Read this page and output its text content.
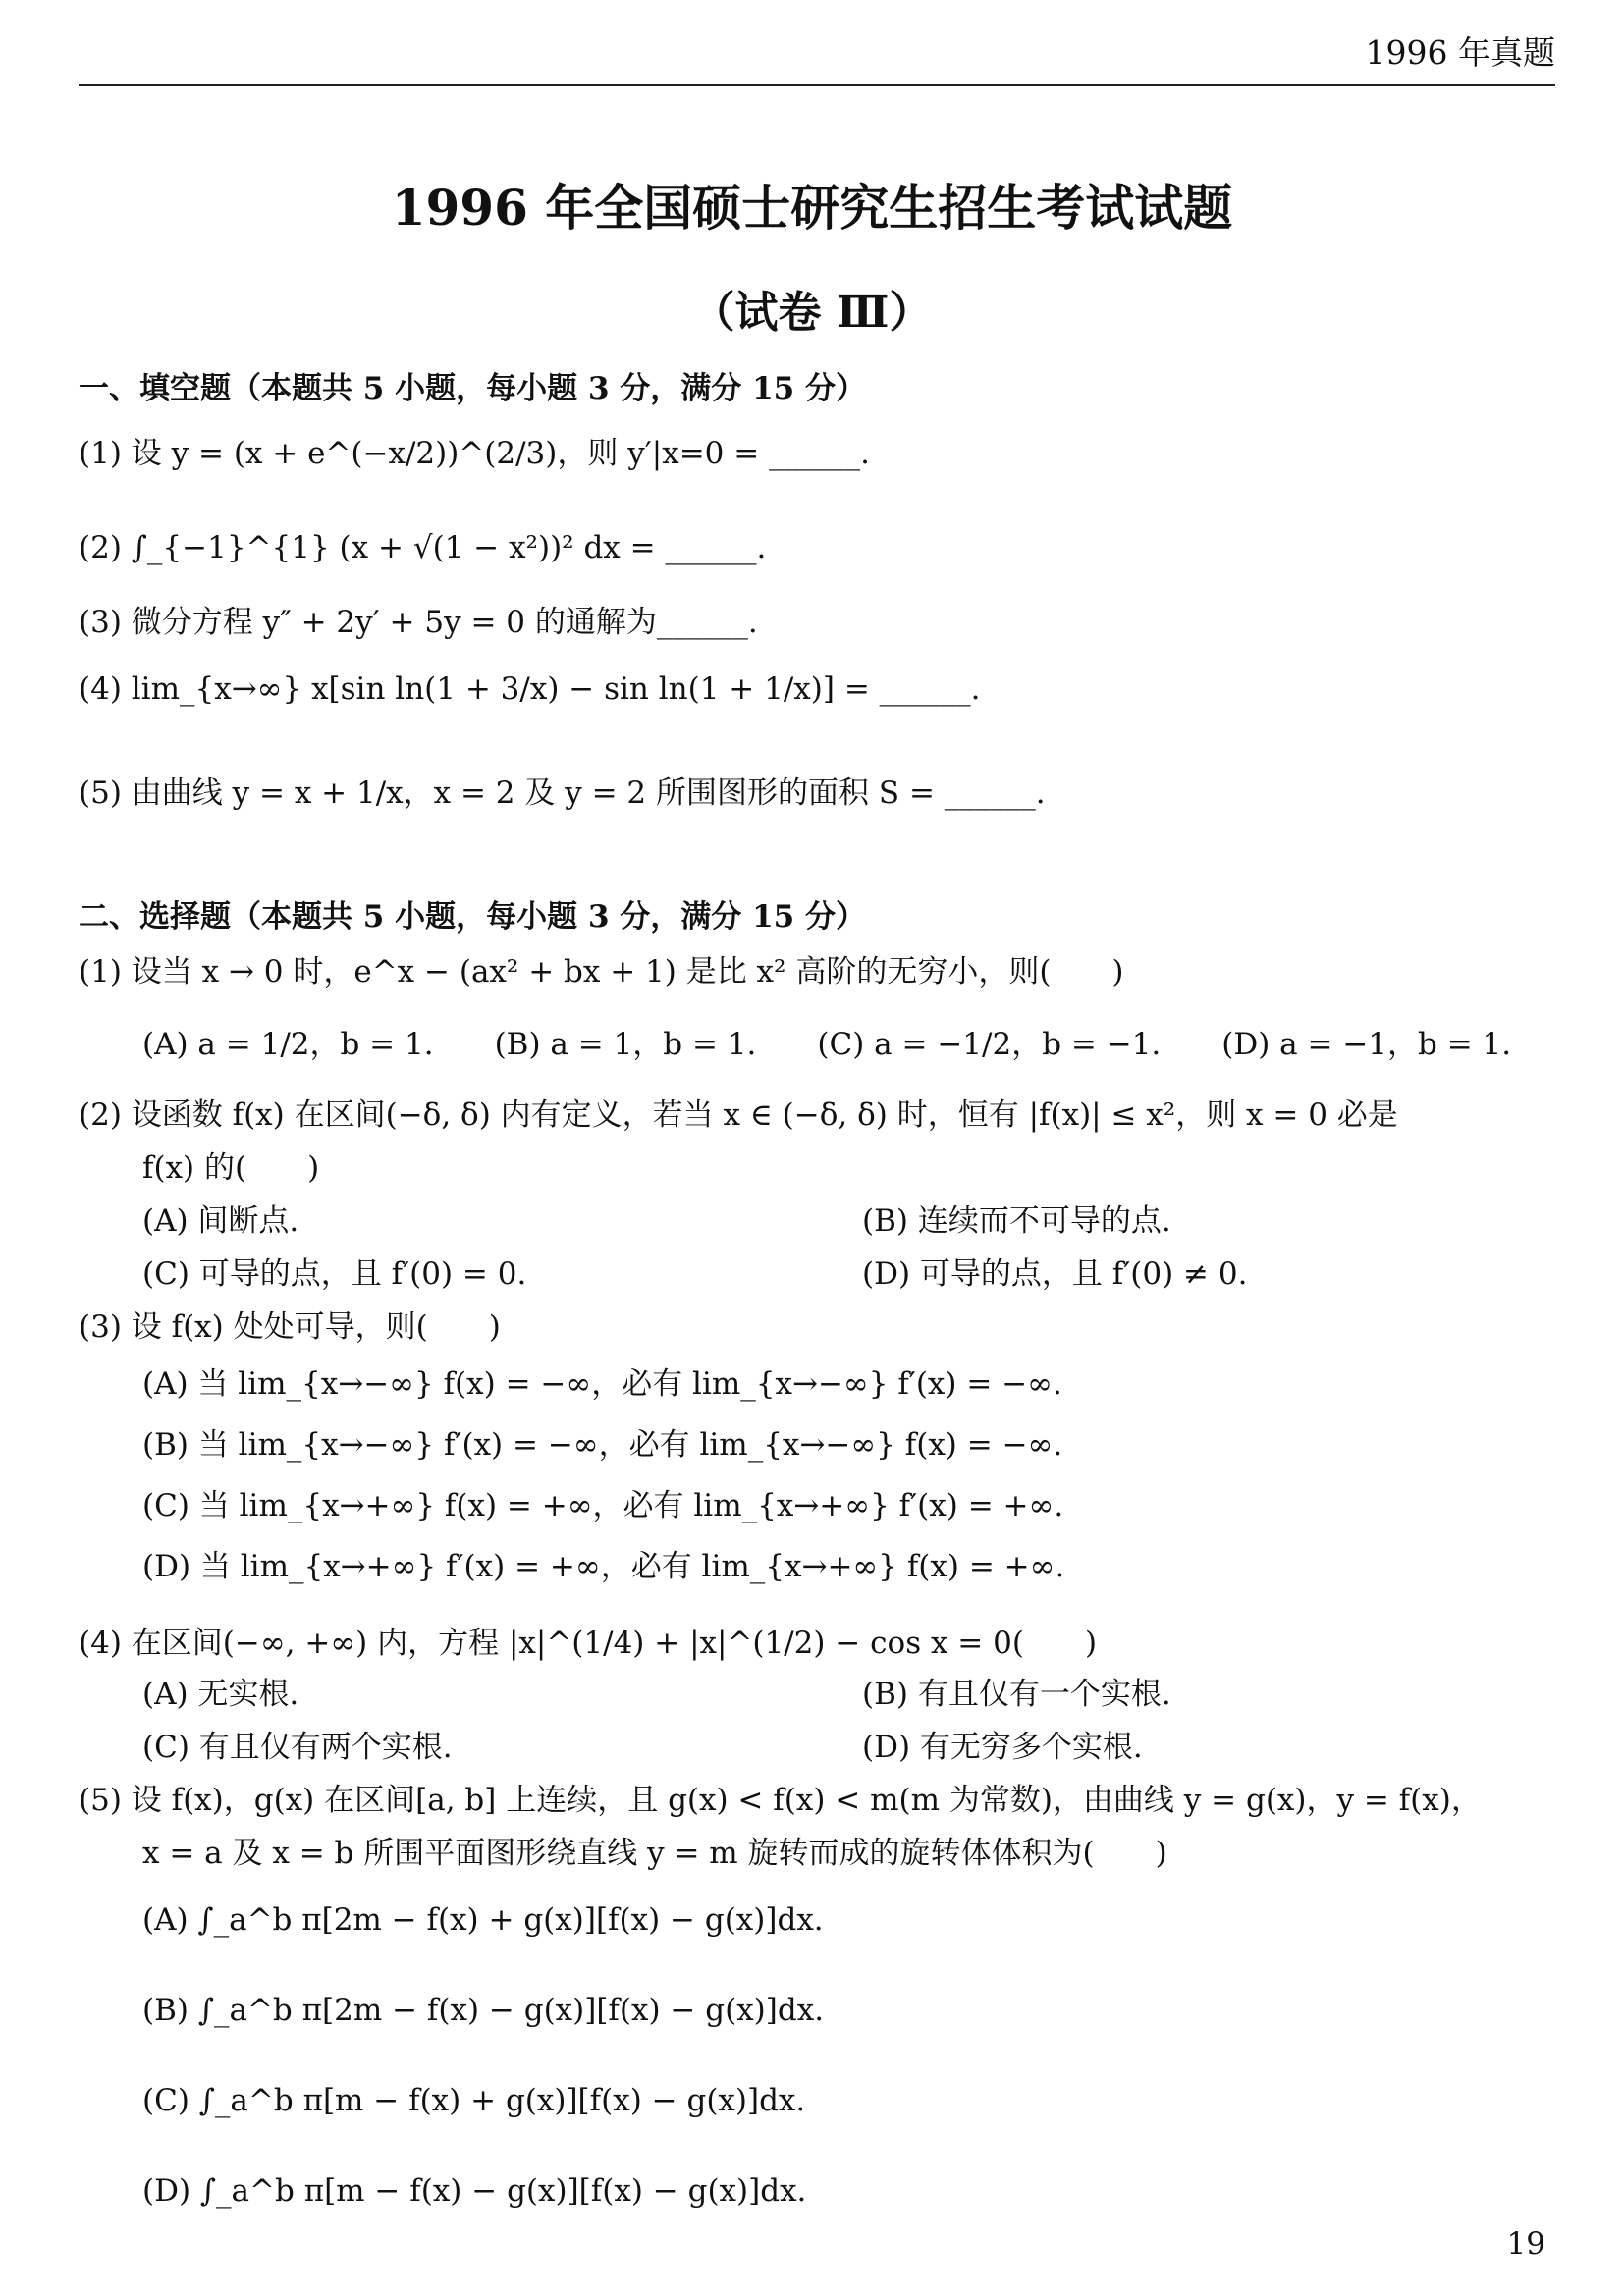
1996 年真题
1996 年全国硕士研究生招生考试试题
（试卷 Ⅲ）
一、填空题（本题共 5 小题，每小题 3 分，满分 15 分）
(1) 设 y = (x + e^(−x/2))^(2/3)，则 y′|x=0 = ______.
(2) ∫_{−1}^{1} (x + √(1 − x²))² dx = ______.
(3) 微分方程 y″ + 2y′ + 5y = 0 的通解为______.
(4) lim_{x→∞} x[sin ln(1 + 3/x) − sin ln(1 + 1/x)] = ______.
(5) 由曲线 y = x + 1/x，x = 2 及 y = 2 所围图形的面积 S = ______.
二、选择题（本题共 5 小题，每小题 3 分，满分 15 分）
(1) 设当 x → 0 时，e^x − (ax² + bx + 1) 是比 x² 高阶的无穷小，则(　　)
(A) a = 1/2，b = 1.　　(B) a = 1，b = 1.　　(C) a = −1/2，b = −1.　　(D) a = −1，b = 1.
(2) 设函数 f(x) 在区间(−δ, δ) 内有定义，若当 x ∈ (−δ, δ) 时，恒有 |f(x)| ≤ x²，则 x = 0 必是
f(x) 的(　　)
(A) 间断点.	(B) 连续而不可导的点.
(C) 可导的点，且 f′(0) = 0.	(D) 可导的点，且 f′(0) ≠ 0.
(3) 设 f(x) 处处可导，则(　　)
(A) 当 lim_{x→−∞} f(x) = −∞，必有 lim_{x→−∞} f′(x) = −∞.
(B) 当 lim_{x→−∞} f′(x) = −∞，必有 lim_{x→−∞} f(x) = −∞.
(C) 当 lim_{x→+∞} f(x) = +∞，必有 lim_{x→+∞} f′(x) = +∞.
(D) 当 lim_{x→+∞} f′(x) = +∞，必有 lim_{x→+∞} f(x) = +∞.
(4) 在区间(−∞, +∞) 内，方程 |x|^(1/4) + |x|^(1/2) − cos x = 0(　　)
(A) 无实根.	(B) 有且仅有一个实根.
(C) 有且仅有两个实根.	(D) 有无穷多个实根.
(5) 设 f(x)，g(x) 在区间[a, b] 上连续，且 g(x) < f(x) < m(m 为常数)，由曲线 y = g(x)，y = f(x)，
x = a 及 x = b 所围平面图形绕直线 y = m 旋转而成的旋转体体积为(　　)
(A) ∫_a^b π[2m − f(x) + g(x)][f(x) − g(x)]dx.
(B) ∫_a^b π[2m − f(x) − g(x)][f(x) − g(x)]dx.
(C) ∫_a^b π[m − f(x) + g(x)][f(x) − g(x)]dx.
(D) ∫_a^b π[m − f(x) − g(x)][f(x) − g(x)]dx.
19
